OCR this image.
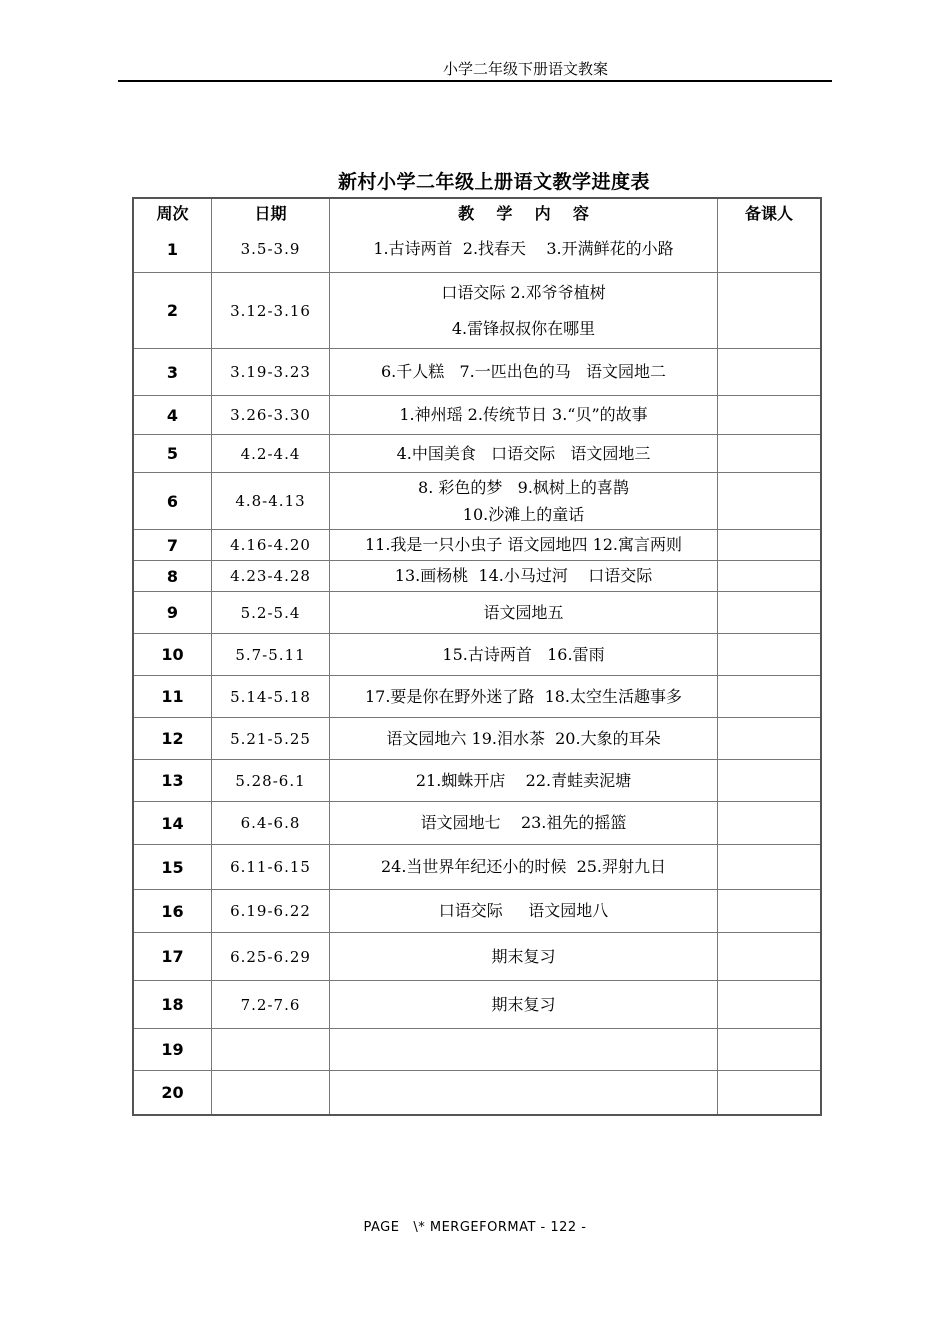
小学二年级下册语文教案
新村小学二年级上册语文教学进度表
周次	日期	教    学    内    容	备课人
1	3.5-3.9	1.古诗两首  2.找春天    3.开满鲜花的小路	

2	3.12-3.16	口语交际 2.邓爷爷植树
4.雷锋叔叔你在哪里	

3	3.19-3.23	6.千人糕   7.一匹出色的马   语文园地二	

4	3.26-3.30	1.神州瑶 2.传统节日 3.“贝”的故事	

5	4.2-4.4	4.中国美食   口语交际   语文园地三	

6	4.8-4.13	8. 彩色的梦   9.枫树上的喜鹊
10.沙滩上的童话	

7	4.16-4.20	11.我是一只小虫子 语文园地四 12.寓言两则	

8	4.23-4.28	13.画杨桃  14.小马过河    口语交际	

9	5.2-5.4	语文园地五	

10	5.7-5.11	15.古诗两首   16.雷雨	

11	5.14-5.18	17.要是你在野外迷了路  18.太空生活趣事多	

12	5.21-5.25	语文园地六 19.泪水茶  20.大象的耳朵	

13	5.28-6.1	21.蜘蛛开店    22.青蛙卖泥塘	

14	6.4-6.8	语文园地七    23.祖先的摇篮	

15	6.11-6.15	24.当世界年纪还小的时候  25.羿射九日	

16	6.19-6.22	口语交际     语文园地八	

17	6.25-6.29	期末复习	

18	7.2-7.6	期末复习	

19		

20		

PAGE   \* MERGEFORMAT - 122 -
